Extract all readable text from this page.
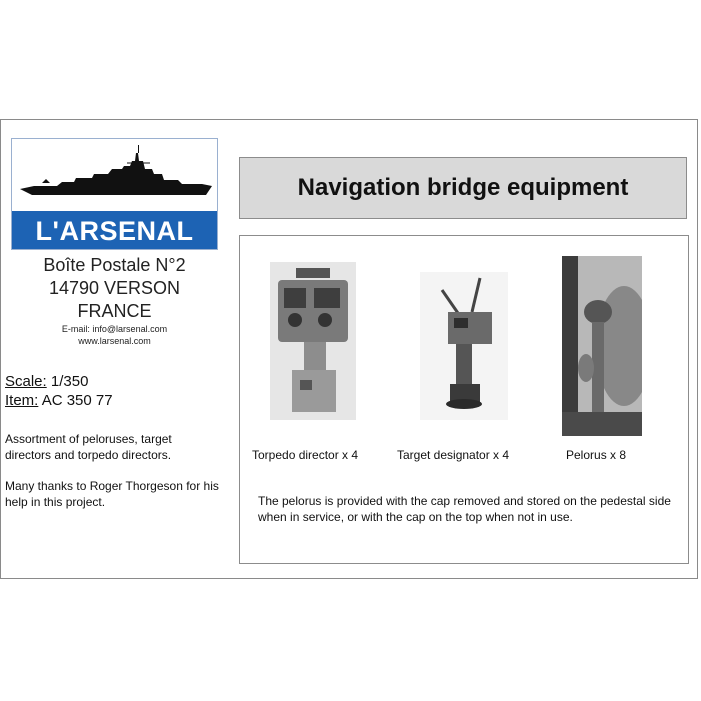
L'ARSENAL
Boîte Postale N°2
14790 VERSON
FRANCE
E-mail: info@larsenal.com
www.larsenal.com
Scale: 1/350
Item: AC 350 77
Assortment of peloruses, target directors and torpedo directors.
Many thanks to Roger Thorgeson for his help in this project.
Navigation bridge equipment
Torpedo director x 4	Target designator x 4	Pelorus x 8
The pelorus is provided with the cap removed and stored on the pedestal side when in service, or with the cap on the top when not in use.
